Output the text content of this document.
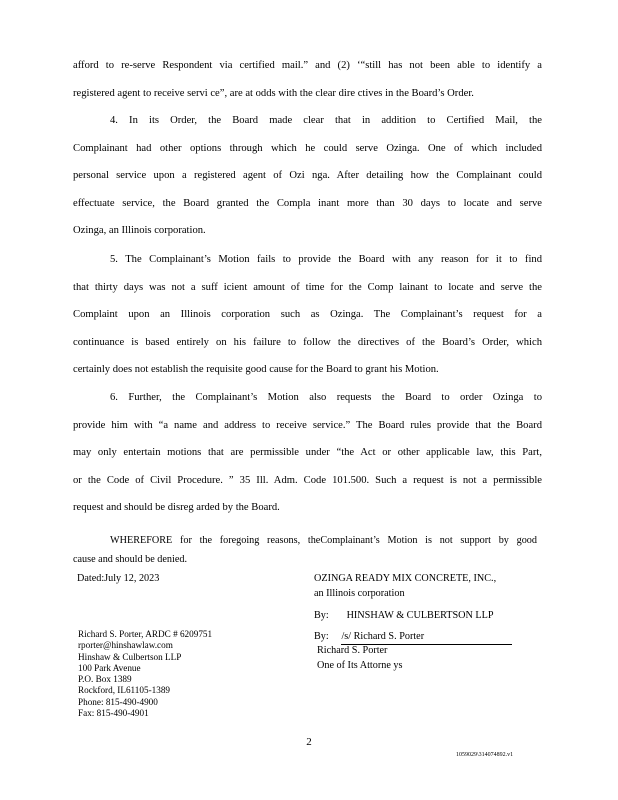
afford to re-serve Respondent via certified mail.” and (2) ‘“still has not been able to identify a
registered agent to receive servi ce”, are at odds with the clear dire ctives in the Board’s Order.
4. In its Order, the Board made clear that in addition to Certified Mail, the
Complainant had other options through which he could serve Ozinga. One of which included
personal service upon a registered agent of Ozi nga. After detailing how the Complainant could
effectuate service, the Board granted the Compla inant more than 30 days to locate and serve
Ozinga, an Illinois corporation.
5. The Complainant’s Motion fails to provide the Board with any reason for it to find
that thirty days was not a suff icient amount of time for the Comp lainant to locate and serve the
Complaint upon an Illinois corporation such as Ozinga. The Complainant’s request for a
continuance is based entirely on his failure to follow the directives of the Board’s Order, which
certainly does not establish the requisite good cause for the Board to grant his Motion.
6. Further, the Complainant’s Motion also requests the Board to order Ozinga to
provide him with “a name and address to receive service.” The Board rules provide that the Board
may only entertain motions that are permissible under “the Act or other applicable law, this Part,
or the Code of Civil Procedure. ” 35 Ill. Adm. Code 101.500. Such a request is not a permissible
request and should be disreg arded by the Board.
WHEREFORE for the foregoing reasons, theComplainant’s Motion is not support by good
cause and should be denied.
Dated:July 12, 2023	OZINGA READY MIX CONCRETE, INC.,
an Illinois corporation
By: HINSHAW & CULBERTSON LLP
By: /s/ Richard S. Porter
Richard S. Porter
One of Its Attorne ys
Richard S. Porter, ARDC # 6209751
rporter@hinshawlaw.com
Hinshaw & Culbertson LLP
100 Park Avenue
P.O. Box 1389
Rockford, IL61105-1389
Phone: 815-490-4900
Fax: 815-490-4901
2
1059029\314074892.v1
